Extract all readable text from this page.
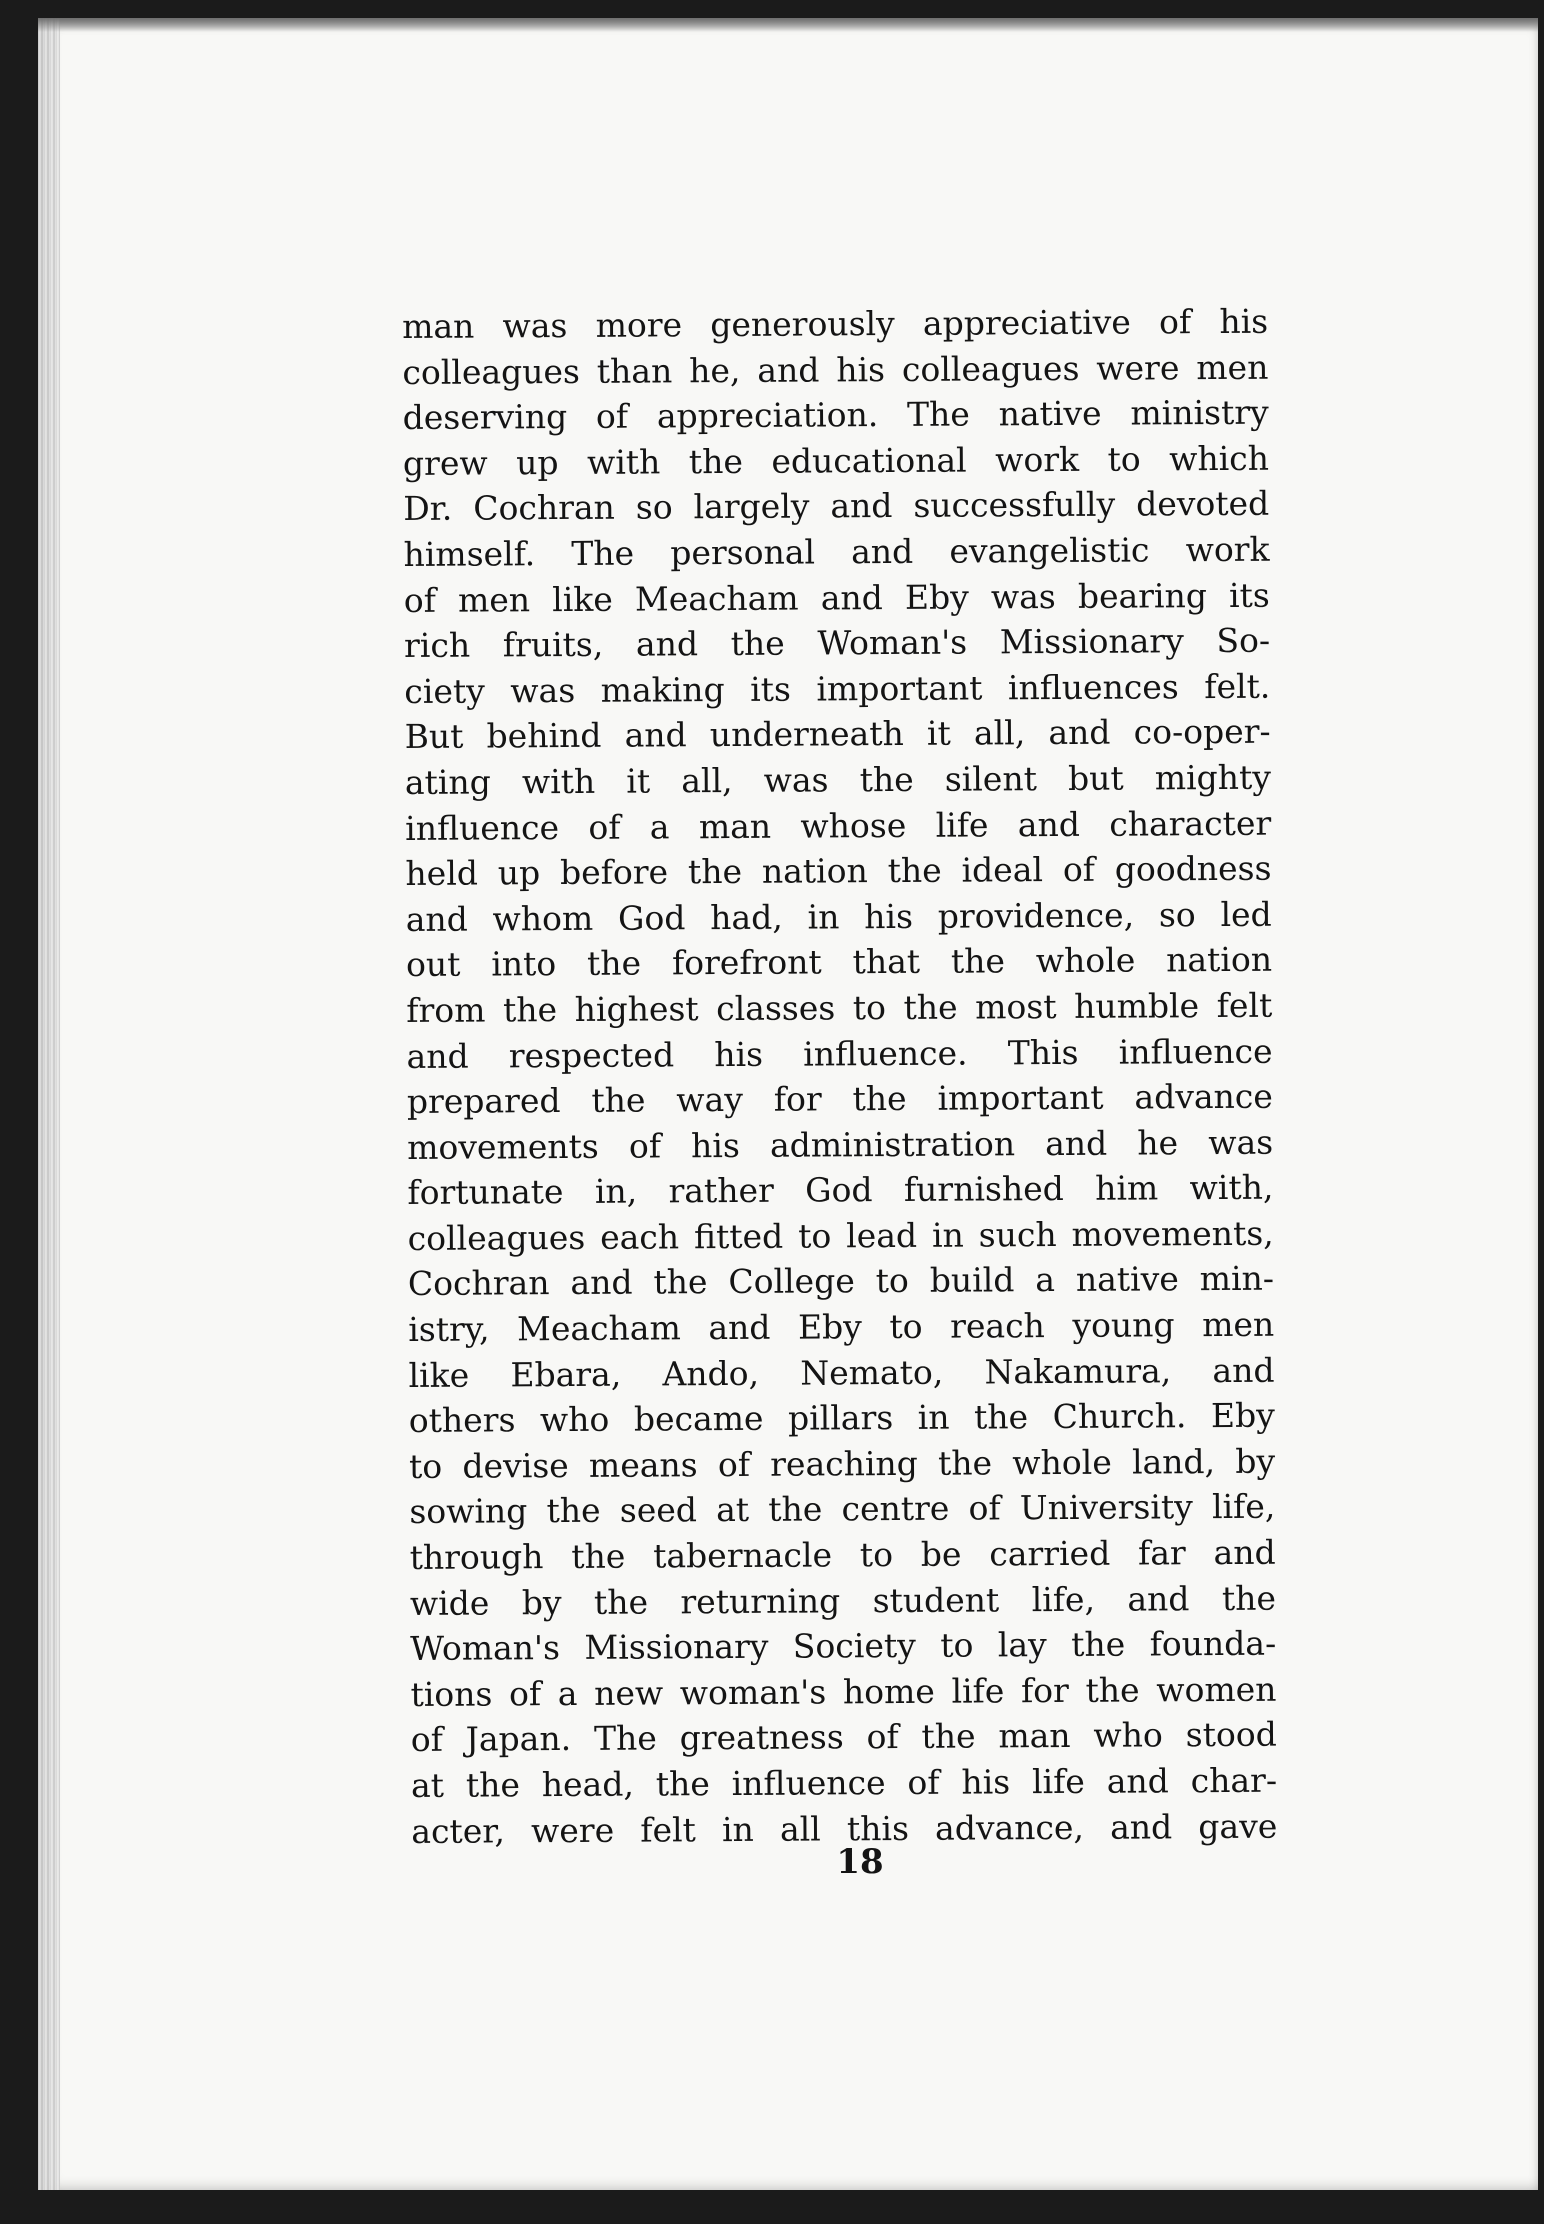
man was more generously appreciative of his
colleagues than he, and his colleagues were men
deserving of appreciation. The native ministry
grew up with the educational work to which
Dr. Cochran so largely and successfully devoted
himself. The personal and evangelistic work
of men like Meacham and Eby was bearing its
rich fruits, and the Woman's Missionary So-
ciety was making its important influences felt.
But behind and underneath it all, and co-oper-
ating with it all, was the silent but mighty
influence of a man whose life and character
held up before the nation the ideal of goodness
and whom God had, in his providence, so led
out into the forefront that the whole nation
from the highest classes to the most humble felt
and respected his influence. This influence
prepared the way for the important advance
movements of his administration and he was
fortunate in, rather God furnished him with,
colleagues each fitted to lead in such movements,
Cochran and the College to build a native min-
istry, Meacham and Eby to reach young men
like Ebara, Ando, Nemato, Nakamura, and
others who became pillars in the Church. Eby
to devise means of reaching the whole land, by
sowing the seed at the centre of University life,
through the tabernacle to be carried far and
wide by the returning student life, and the
Woman's Missionary Society to lay the founda-
tions of a new woman's home life for the women
of Japan. The greatness of the man who stood
at the head, the influence of his life and char-
acter, were felt in all this advance, and gave
18
